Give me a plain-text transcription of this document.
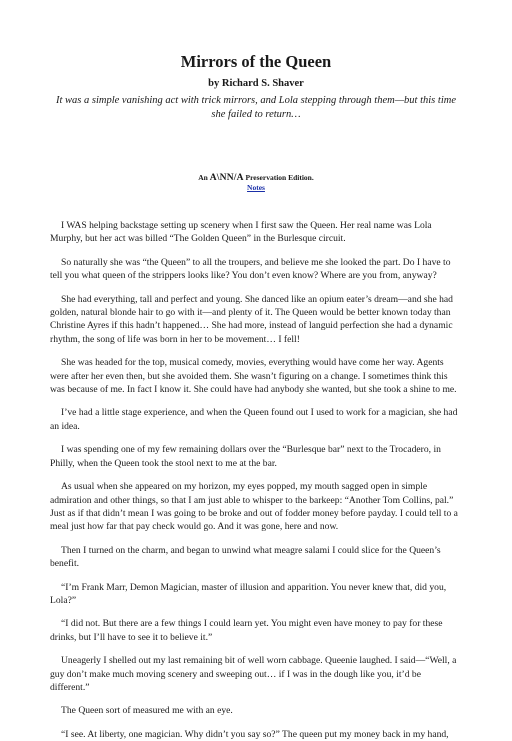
Mirrors of the Queen
by Richard S. Shaver
It was a simple vanishing act with trick mirrors, and Lola stepping through them—but this time she failed to return…
An A\NN/A Preservation Edition.
Notes

I WAS helping backstage setting up scenery when I first saw the Queen. Her real name was Lola Murphy, but her act was billed “The Golden Queen” in the Burlesque circuit.

So naturally she was “the Queen” to all the troupers, and believe me she looked the part. Do I have to tell you what queen of the strippers looks like? You don’t even know? Where are you from, anyway?

She had everything, tall and perfect and young. She danced like an opium eater’s dream—and she had golden, natural blonde hair to go with it—and plenty of it. The Queen would be better known today than Christine Ayres if this hadn’t happened… She had more, instead of languid perfection she had a dynamic rhythm, the song of life was born in her to be movement… I fell!

She was headed for the top, musical comedy, movies, everything would have come her way. Agents were after her even then, but she avoided them. She wasn’t figuring on a change. I sometimes think this was because of me. In fact I know it. She could have had anybody she wanted, but she took a shine to me.

I’ve had a little stage experience, and when the Queen found out I used to work for a magician, she had an idea.

I was spending one of my few remaining dollars over the “Burlesque bar” next to the Trocadero, in Philly, when the Queen took the stool next to me at the bar.

As usual when she appeared on my horizon, my eyes popped, my mouth sagged open in simple admiration and other things, so that I am just able to whisper to the barkeep: “Another Tom Collins, pal.” Just as if that didn’t mean I was going to be broke and out of fodder money before payday. I could tell to a meal just how far that pay check would go. And it was gone, here and now.

Then I turned on the charm, and began to unwind what meagre salami I could slice for the Queen’s benefit.

“I’m Frank Marr, Demon Magician, master of illusion and apparition. You never knew that, did you, Lola?”

“I did not. But there are a few things I could learn yet. You might even have money to pay for these drinks, but I’ll have to see it to believe it.”

Uneagerly I shelled out my last remaining bit of well worn cabbage. Queenie laughed. I said—“Well, a guy don’t make much moving scenery and sweeping out… if I was in the dough like you, it’d be different.”

The Queen sort of measured me with an eye.

“I see. At liberty, one magician. Why didn’t you say so?” The queen put my money back in my hand,
